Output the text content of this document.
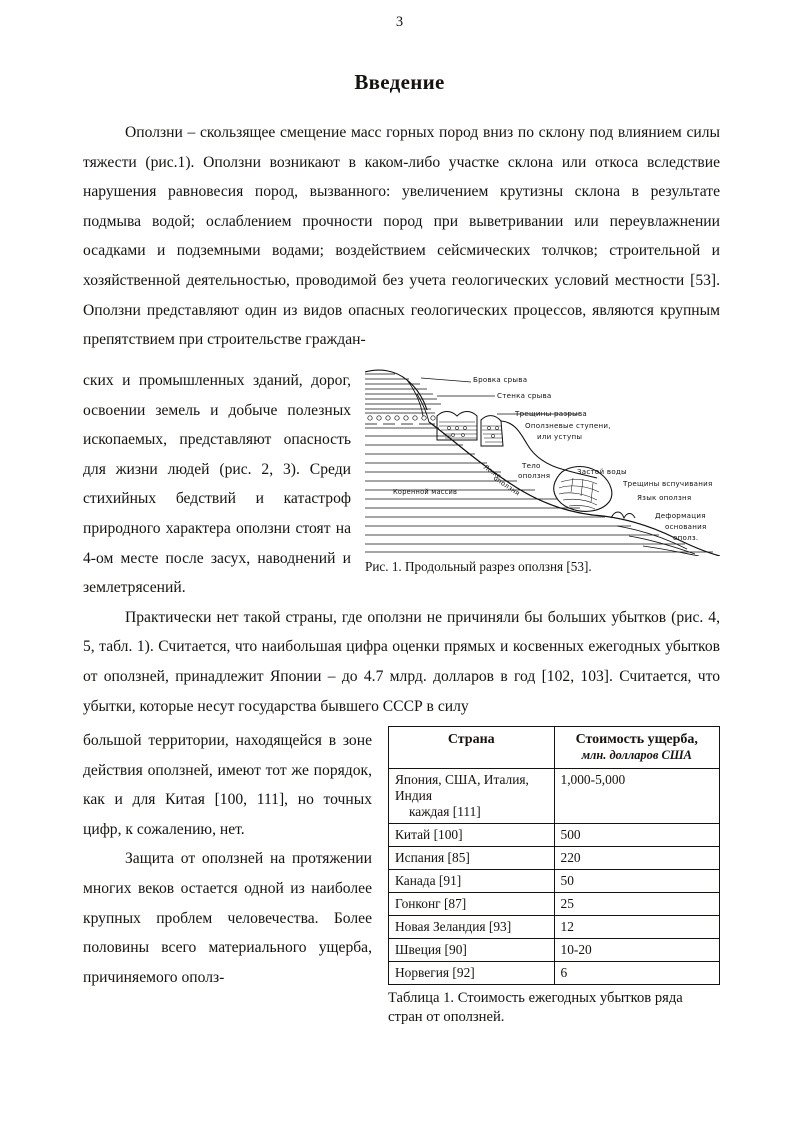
3
Введение
Оползни – скользящее смещение масс горных пород вниз по склону под влиянием силы тяжести (рис.1). Оползни возникают в каком-либо участке склона или откоса вследствие нарушения равновесия пород, вызванного: увеличением крутизны склона в результате подмыва водой; ослаблением прочности пород при выветривании или переувлажнении осадками и подземными водами; воздействием сейсмических толчков; строительной и хозяйственной деятельностью, проводимой без учета геологических условий местности [53]. Оползни представляют один из видов опасных геологических процессов, являются крупным препятствием при строительстве граждан-
Бровка срыва
Стенка срыва
Трещины разрыва
Оползневые ступени,
или уступы
Коренной массив
Ложе
оползня
Тело
оползня	Застой воды
Трещины вспучивания
Язык оползня
Деформация
основания
ополз.
Рис. 1. Продольный разрез оползня [53].
ских и промышленных зданий, дорог, освоении земель и добыче полезных ископаемых, представляют опасность для жизни людей (рис. 2, 3). Среди стихийных бедствий и катастроф природного характера оползни стоят на 4-ом месте после засух, наводнений и землетрясений.
Практически нет такой страны, где оползни не причиняли бы больших убытков (рис. 4, 5, табл. 1). Считается, что наибольшая цифра оценки прямых и косвенных ежегодных убытков от оползней, принадлежит Японии – до 4.7 млрд. долларов в год [102, 103]. Считается, что убытки, которые несут государства бывшего СССР в силу
Страна	Стоимость ущерба,
млн. долларов США

Япония, США, Италия, Индия
каждая [111]	1,000-5,000
Китай [100]	500
Испания [85]	220
Канада [91]	50
Гонконг [87]	25
Новая Зеландия [93]	12
Швеция [90]	10-20
Норвегия [92]	6
Таблица 1. Стоимость ежегодных убытков ряда стран от оползней.
большой территории, находящейся в зоне действия оползней, имеют тот же порядок, как и для Китая [100, 111], но точных цифр, к сожалению, нет.
Защита от оползней на протяжении многих веков остается одной из наиболее крупных проблем человечества. Более половины всего материального ущерба, причиняемого ополз-
